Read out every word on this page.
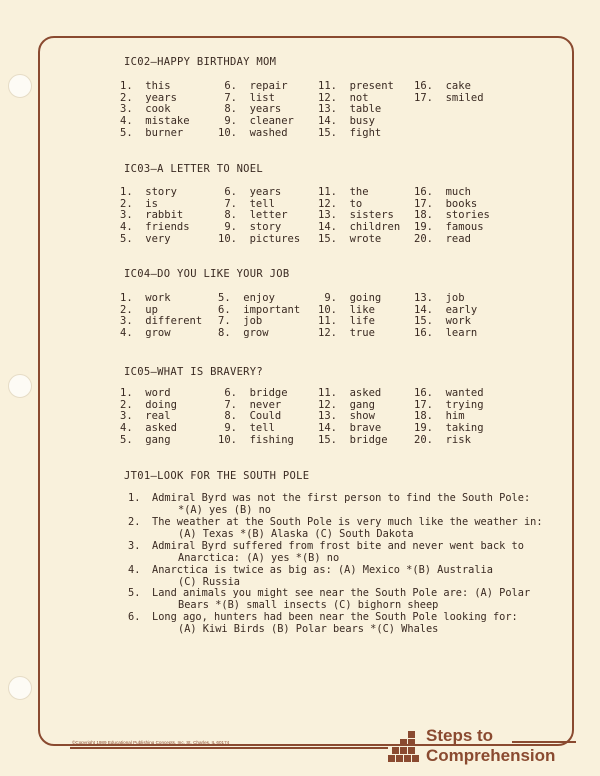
IC02—HAPPY BIRTHDAY MOM
1.  this
2.  years
3.  cook
4.  mistake
5.  burner
6.  repair
7.  list
8.  years
9.  cleaner
10.  washed
11.  present
12.  not
13.  table
14.  busy
15.  fight
16.  cake
17.  smiled
IC03—A LETTER TO NOEL
1.  story
2.  is
3.  rabbit
4.  friends
5.  very
6.  years
7.  tell
8.  letter
9.  story
10.  pictures
11.  the
12.  to
13.  sisters
14.  children
15.  wrote
16.  much
17.  books
18.  stories
19.  famous
20.  read
IC04—DO YOU LIKE YOUR JOB
1.  work
2.  up
3.  different
4.  grow
5.  enjoy
6.  important
7.  job
8.  grow
9.  going
10.  like
11.  life
12.  true
13.  job
14.  early
15.  work
16.  learn
IC05—WHAT IS BRAVERY?
1.  word
2.  doing
3.  real
4.  asked
5.  gang
6.  bridge
7.  never
8.  Could
9.  tell
10.  fishing
11.  asked
12.  gang
13.  show
14.  brave
15.  bridge
16.  wanted
17.  trying
18.  him
19.  taking
20.  risk
JT01—LOOK FOR THE SOUTH POLE
1. Admiral Byrd was not the first person to find the South Pole:
*(A) yes (B) no
2. The weather at the South Pole is very much like the weather in:
(A) Texas *(B) Alaska (C) South Dakota
3. Admiral Byrd suffered from frost bite and never went back to
Anarctica: (A) yes *(B) no
4. Anarctica is twice as big as: (A) Mexico *(B) Australia
(C) Russia
5. Land animals you might see near the South Pole are: (A) Polar
Bears *(B) small insects (C) bighorn sheep
6. Long ago, hunters had been near the South Pole looking for:
(A) Kiwi Birds (B) Polar bears *(C) Whales
©Copyright 1989 Educational Publishing Concepts, Inc. St. Charles, IL 60174	Steps to
Comprehension
